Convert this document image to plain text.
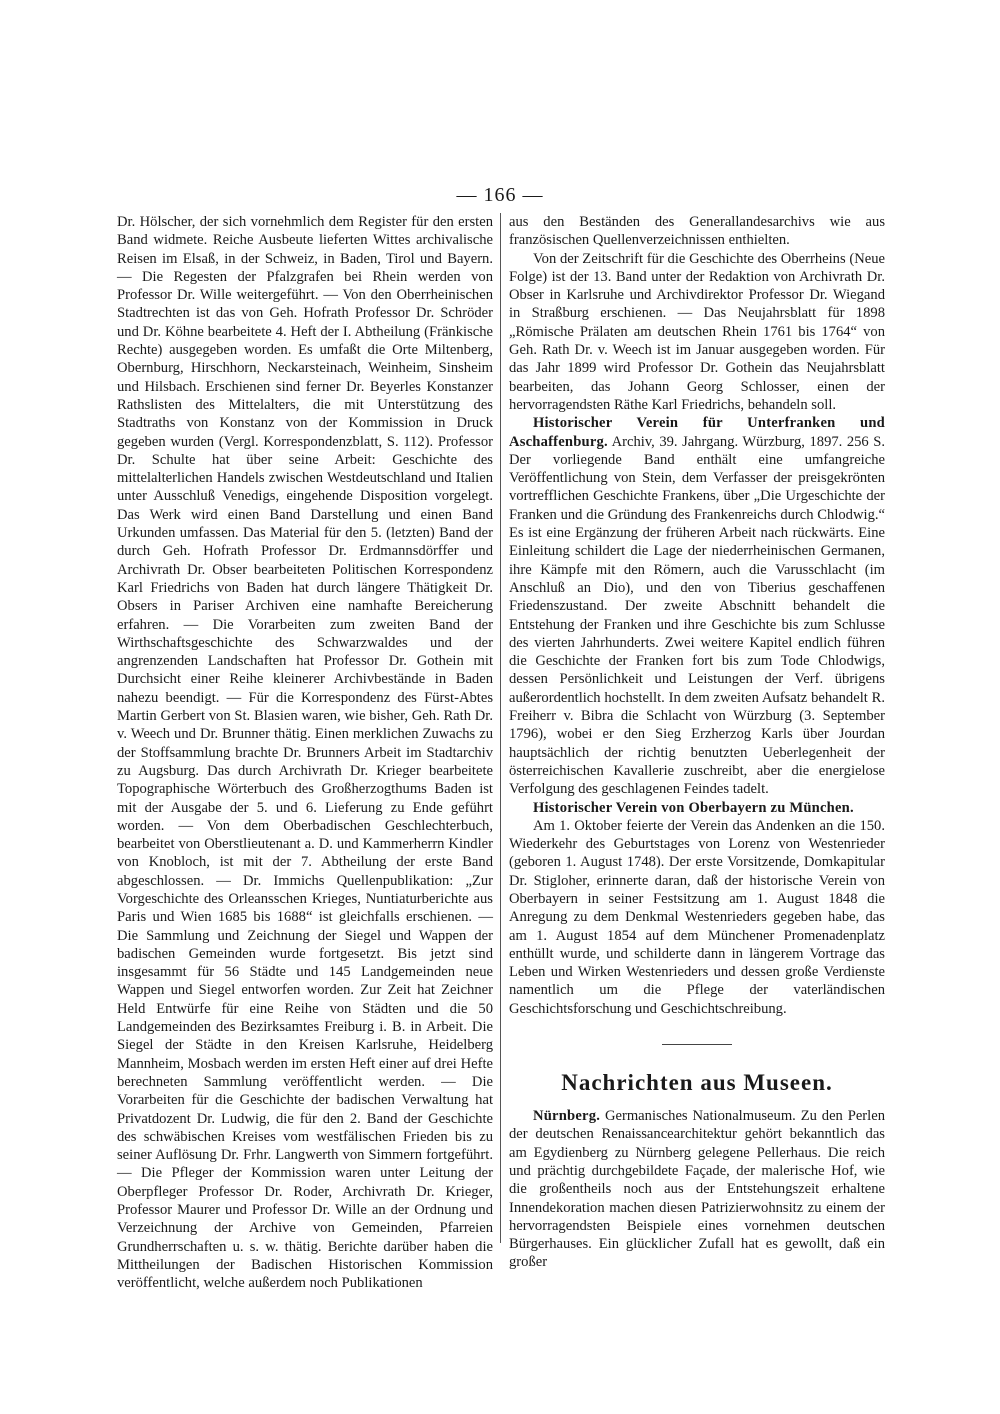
— 166 —

Dr. Hölscher, der sich vornehmlich dem Register für den ersten Band widmete. Reiche Ausbeute lieferten Wittes archivalische Reisen im Elsaß, in der Schweiz, in Baden, Tirol und Bayern. — Die Regesten der Pfalzgrafen bei Rhein werden von Professor Dr. Wille weitergeführt. — Von den Oberrheinischen Stadtrechten ist das von Geh. Hofrath Professor Dr. Schröder und Dr. Köhne bearbeitete 4. Heft der I. Abtheilung (Fränkische Rechte) ausgegeben worden. Es umfaßt die Orte Miltenberg, Obernburg, Hirschhorn, Neckarsteinach, Weinheim, Sinsheim und Hilsbach. Erschienen sind ferner Dr. Beyerles Konstanzer Rathslisten des Mittelalters, die mit Unterstützung des Stadtraths von Konstanz von der Kommission in Druck gegeben wurden (Vergl. Korrespondenzblatt, S. 112). Professor Dr. Schulte hat über seine Arbeit: Geschichte des mittelalterlichen Handels zwischen Westdeutschland und Italien unter Ausschluß Venedigs, eingehende Disposition vorgelegt. Das Werk wird einen Band Darstellung und einen Band Urkunden umfassen. Das Material für den 5. (letzten) Band der durch Geh. Hofrath Professor Dr. Erdmannsdörffer und Archivrath Dr. Obser bearbeiteten Politischen Korrespondenz Karl Friedrichs von Baden hat durch längere Thätigkeit Dr. Obsers in Pariser Archiven eine namhafte Bereicherung erfahren. — Die Vorarbeiten zum zweiten Band der Wirthschaftsgeschichte des Schwarzwaldes und der angrenzenden Landschaften hat Professor Dr. Gothein mit Durchsicht einer Reihe kleinerer Archivbestände in Baden nahezu beendigt. — Für die Korrespondenz des Fürst-Abtes Martin Gerbert von St. Blasien waren, wie bisher, Geh. Rath Dr. v. Weech und Dr. Brunner thätig. Einen merklichen Zuwachs zu der Stoffsammlung brachte Dr. Brunners Arbeit im Stadtarchiv zu Augsburg. Das durch Archivrath Dr. Krieger bearbeitete Topographische Wörterbuch des Großherzogthums Baden ist mit der Ausgabe der 5. und 6. Lieferung zu Ende geführt worden. — Von dem Oberbadischen Geschlechterbuch, bearbeitet von Oberstlieutenant a. D. und Kammerherrn Kindler von Knobloch, ist mit der 7. Abtheilung der erste Band abgeschlossen. — Dr. Immichs Quellenpublikation: „Zur Vorgeschichte des Orleansschen Krieges, Nuntiaturberichte aus Paris und Wien 1685 bis 1688“ ist gleichfalls erschienen. — Die Sammlung und Zeichnung der Siegel und Wappen der badischen Gemeinden wurde fortgesetzt. Bis jetzt sind insgesammt für 56 Städte und 145 Landgemeinden neue Wappen und Siegel entworfen worden. Zur Zeit hat Zeichner Held Entwürfe für eine Reihe von Städten und die 50 Landgemeinden des Bezirksamtes Freiburg i. B. in Arbeit. Die Siegel der Städte in den Kreisen Karlsruhe, Heidelberg Mannheim, Mosbach werden im ersten Heft einer auf drei Hefte berechneten Sammlung veröffentlicht werden. — Die Vorarbeiten für die Geschichte der badischen Verwaltung hat Privatdozent Dr. Ludwig, die für den 2. Band der Geschichte des schwäbischen Kreises vom westfälischen Frieden bis zu seiner Auflösung Dr. Frhr. Langwerth von Simmern fortgeführt. — Die Pfleger der Kommission waren unter Leitung der Oberpfleger Professor Dr. Roder, Archivrath Dr. Krieger, Professor Maurer und Professor Dr. Wille an der Ordnung und Verzeichnung der Archive von Gemeinden, Pfarreien Grundherrschaften u. s. w. thätig. Berichte darüber haben die Mittheilungen der Badischen Historischen Kommission veröffentlicht, welche außerdem noch Publikationen

aus den Beständen des Generallandesarchivs wie aus französischen Quellenverzeichnissen enthielten.

Von der Zeitschrift für die Geschichte des Oberrheins (Neue Folge) ist der 13. Band unter der Redaktion von Archivrath Dr. Obser in Karlsruhe und Archivdirektor Professor Dr. Wiegand in Straßburg erschienen. — Das Neujahrsblatt für 1898 „Römische Prälaten am deutschen Rhein 1761 bis 1764“ von Geh. Rath Dr. v. Weech ist im Januar ausgegeben worden. Für das Jahr 1899 wird Professor Dr. Gothein das Neujahrsblatt bearbeiten, das Johann Georg Schlosser, einen der hervorragendsten Räthe Karl Friedrichs, behandeln soll.

Historischer Verein für Unterfranken und Aschaffenburg. Archiv, 39. Jahrgang. Würzburg, 1897. 256 S. Der vorliegende Band enthält eine umfangreiche Veröffentlichung von Stein, dem Verfasser der preisgekrönten vortrefflichen Geschichte Frankens, über „Die Urgeschichte der Franken und die Gründung des Frankenreichs durch Chlodwig.“ Es ist eine Ergänzung der früheren Arbeit nach rückwärts. Eine Einleitung schildert die Lage der niederrheinischen Germanen, ihre Kämpfe mit den Römern, auch die Varusschlacht (im Anschluß an Dio), und den von Tiberius geschaffenen Friedenszustand. Der zweite Abschnitt behandelt die Entstehung der Franken und ihre Geschichte bis zum Schlusse des vierten Jahrhunderts. Zwei weitere Kapitel endlich führen die Geschichte der Franken fort bis zum Tode Chlodwigs, dessen Persönlichkeit und Leistungen der Verf. übrigens außerordentlich hochstellt. In dem zweiten Aufsatz behandelt R. Freiherr v. Bibra die Schlacht von Würzburg (3. September 1796), wobei er den Sieg Erzherzog Karls über Jourdan hauptsächlich der richtig benutzten Ueberlegenheit der österreichischen Kavallerie zuschreibt, aber die energielose Verfolgung des geschlagenen Feindes tadelt.

Historischer Verein von Oberbayern zu München.

Am 1. Oktober feierte der Verein das Andenken an die 150. Wiederkehr des Geburtstages von Lorenz von Westenrieder (geboren 1. August 1748). Der erste Vorsitzende, Domkapitular Dr. Stigloher, erinnerte daran, daß der historische Verein von Oberbayern in seiner Festsitzung am 1. August 1848 die Anregung zu dem Denkmal Westenrieders gegeben habe, das am 1. August 1854 auf dem Münchener Promenadenplatz enthüllt wurde, und schilderte dann in längerem Vortrage das Leben und Wirken Westenrieders und dessen große Verdienste namentlich um die Pflege der vaterländischen Geschichtsforschung und Geschichtschreibung.

Nachrichten aus Museen.

Nürnberg. Germanisches Nationalmuseum. Zu den Perlen der deutschen Renaissancearchitektur gehört bekanntlich das am Egydienberg zu Nürnberg gelegene Pellerhaus. Die reich und prächtig durchgebildete Façade, der malerische Hof, wie die großentheils noch aus der Entstehungszeit erhaltene Innendekoration machen diesen Patrizierwohnsitz zu einem der hervorragendsten Beispiele eines vornehmen deutschen Bürgerhauses. Ein glücklicher Zufall hat es gewollt, daß ein großer
